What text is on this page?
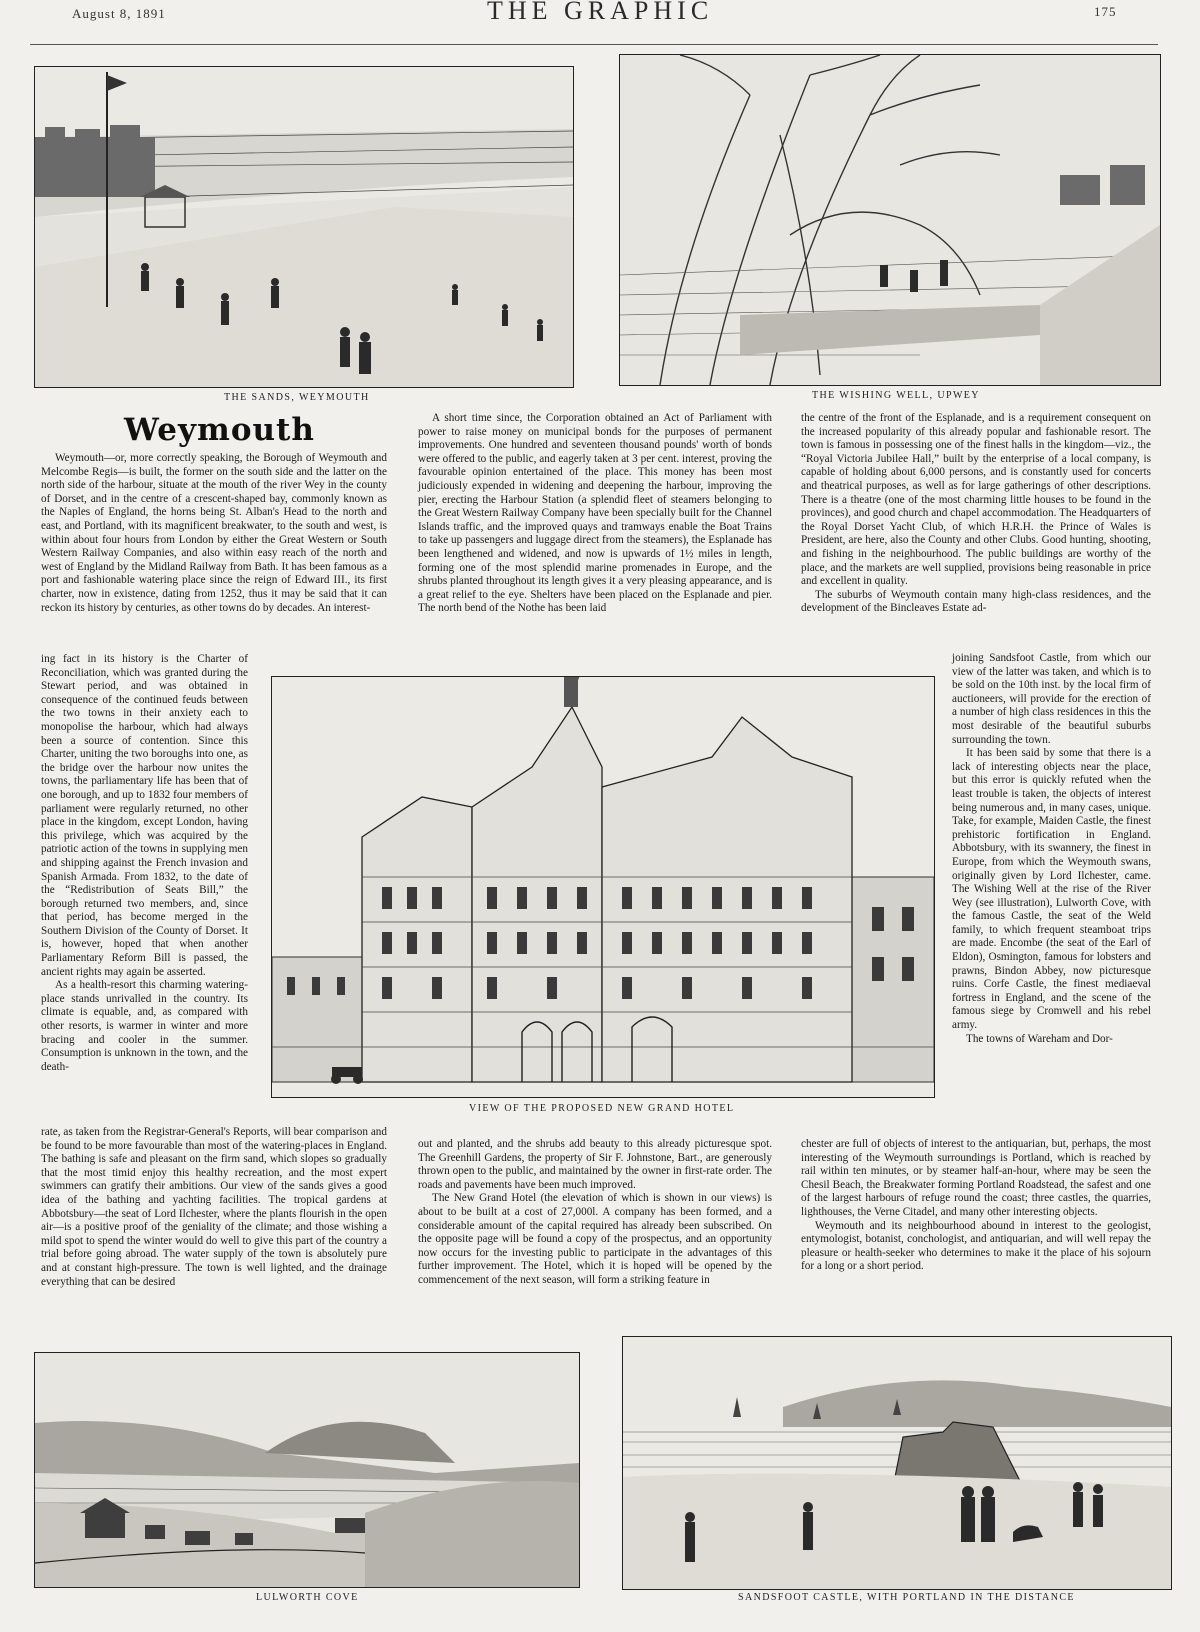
August 8, 1891	THE GRAPHIC	175
THE SANDS, WEYMOUTH	THE WISHING WELL, UPWEY
Weymouth

Weymouth—or, more correctly speaking, the Borough of Weymouth and Melcombe Regis—is built, the former on the south side and the latter on the north side of the harbour, situate at the mouth of the river Wey in the county of Dorset, and in the centre of a crescent-shaped bay, commonly known as the Naples of England, the horns being St. Alban's Head to the north and east, and Portland, with its magnificent breakwater, to the south and west, is within about four hours from London by either the Great Western or South Western Railway Companies, and also within easy reach of the north and west of England by the Midland Railway from Bath. It has been famous as a port and fashionable watering place since the reign of Edward III., its first charter, now in existence, dating from 1252, thus it may be said that it can reckon its history by centuries, as other towns do by decades. An interest-

ing fact in its history is the Charter of Reconciliation, which was granted during the Stewart period, and was obtained in consequence of the continued feuds between the two towns in their anxiety each to monopolise the harbour, which had always been a source of contention. Since this Charter, uniting the two boroughs into one, as the bridge over the harbour now unites the towns, the parliamentary life has been that of one borough, and up to 1832 four members of parliament were regularly returned, no other place in the kingdom, except London, having this privilege, which was acquired by the patriotic action of the towns in supplying men and shipping against the French invasion and Spanish Armada. From 1832, to the date of the “Redistribution of Seats Bill,” the borough returned two members, and, since that period, has become merged in the Southern Division of the County of Dorset. It is, however, hoped that when another Parliamentary Reform Bill is passed, the ancient rights may again be asserted.

As a health-resort this charming watering-place stands unrivalled in the country. Its climate is equable, and, as compared with other resorts, is warmer in winter and more bracing and cooler in the summer. Consumption is unknown in the town, and the death-

rate, as taken from the Registrar-General's Reports, will bear comparison and be found to be more favourable than most of the watering-places in England. The bathing is safe and pleasant on the firm sand, which slopes so gradually that the most timid enjoy this healthy recreation, and the most expert swimmers can gratify their ambitions. Our view of the sands gives a good idea of the bathing and yachting facilities. The tropical gardens at Abbotsbury—the seat of Lord Ilchester, where the plants flourish in the open air—is a positive proof of the geniality of the climate; and those wishing a mild spot to spend the winter would do well to give this part of the country a trial before going abroad. The water supply of the town is absolutely pure and at constant high-pressure. The town is well lighted, and the drainage everything that can be desired

A short time since, the Corporation obtained an Act of Parliament with power to raise money on municipal bonds for the purposes of permanent improvements. One hundred and seventeen thousand pounds' worth of bonds were offered to the public, and eagerly taken at 3 per cent. interest, proving the favourable opinion entertained of the place. This money has been most judiciously expended in widening and deepening the harbour, improving the pier, erecting the Harbour Station (a splendid fleet of steamers belonging to the Great Western Railway Company have been specially built for the Channel Islands traffic, and the improved quays and tramways enable the Boat Trains to take up passengers and luggage direct from the steamers), the Esplanade has been lengthened and widened, and now is upwards of 1½ miles in length, forming one of the most splendid marine promenades in Europe, and the shrubs planted throughout its length gives it a very pleasing appearance, and is a great relief to the eye. Shelters have been placed on the Esplanade and pier. The north bend of the Nothe has been laid

out and planted, and the shrubs add beauty to this already picturesque spot. The Greenhill Gardens, the property of Sir F. Johnstone, Bart., are generously thrown open to the public, and maintained by the owner in first-rate order. The roads and pavements have been much improved.

The New Grand Hotel (the elevation of which is shown in our views) is about to be built at a cost of 27,000l. A company has been formed, and a considerable amount of the capital required has already been subscribed. On the opposite page will be found a copy of the prospectus, and an opportunity now occurs for the investing public to participate in the advantages of this further improvement. The Hotel, which it is hoped will be opened by the commencement of the next season, will form a striking feature in

the centre of the front of the Esplanade, and is a requirement consequent on the increased popularity of this already popular and fashionable resort. The town is famous in possessing one of the finest halls in the kingdom—viz., the “Royal Victoria Jubilee Hall,” built by the enterprise of a local company, is capable of holding about 6,000 persons, and is constantly used for concerts and theatrical purposes, as well as for large gatherings of other descriptions. There is a theatre (one of the most charming little houses to be found in the provinces), and good church and chapel accommodation. The Headquarters of the Royal Dorset Yacht Club, of which H.R.H. the Prince of Wales is President, are here, also the County and other Clubs. Good hunting, shooting, and fishing in the neighbourhood. The public buildings are worthy of the place, and the markets are well supplied, provisions being reasonable in price and excellent in quality.

The suburbs of Weymouth contain many high-class residences, and the development of the Bincleaves Estate ad-

joining Sandsfoot Castle, from which our view of the latter was taken, and which is to be sold on the 10th inst. by the local firm of auctioneers, will provide for the erection of a number of high class residences in this the most desirable of the beautiful suburbs surrounding the town.

It has been said by some that there is a lack of interesting objects near the place, but this error is quickly refuted when the least trouble is taken, the objects of interest being numerous and, in many cases, unique. Take, for example, Maiden Castle, the finest prehistoric fortification in England. Abbotsbury, with its swannery, the finest in Europe, from which the Weymouth swans, originally given by Lord Ilchester, came. The Wishing Well at the rise of the River Wey (see illustration), Lulworth Cove, with the famous Castle, the seat of the Weld family, to which frequent steamboat trips are made. Encombe (the seat of the Earl of Eldon), Osmington, famous for lobsters and prawns, Bindon Abbey, now picturesque ruins. Corfe Castle, the finest mediaeval fortress in England, and the scene of the famous siege by Cromwell and his rebel army.

The towns of Wareham and Dor-

chester are full of objects of interest to the antiquarian, but, perhaps, the most interesting of the Weymouth surroundings is Portland, which is reached by rail within ten minutes, or by steamer half-an-hour, where may be seen the Chesil Beach, the Breakwater forming Portland Roadstead, the safest and one of the largest harbours of refuge round the coast; three castles, the quarries, lighthouses, the Verne Citadel, and many other interesting objects.

Weymouth and its neighbourhood abound in interest to the geologist, entymologist, botanist, conchologist, and antiquarian, and will well repay the pleasure or health-seeker who determines to make it the place of his sojourn for a long or a short period.

VIEW OF THE PROPOSED NEW GRAND HOTEL
LULWORTH COVE	SANDSFOOT CASTLE, WITH PORTLAND IN THE DISTANCE
